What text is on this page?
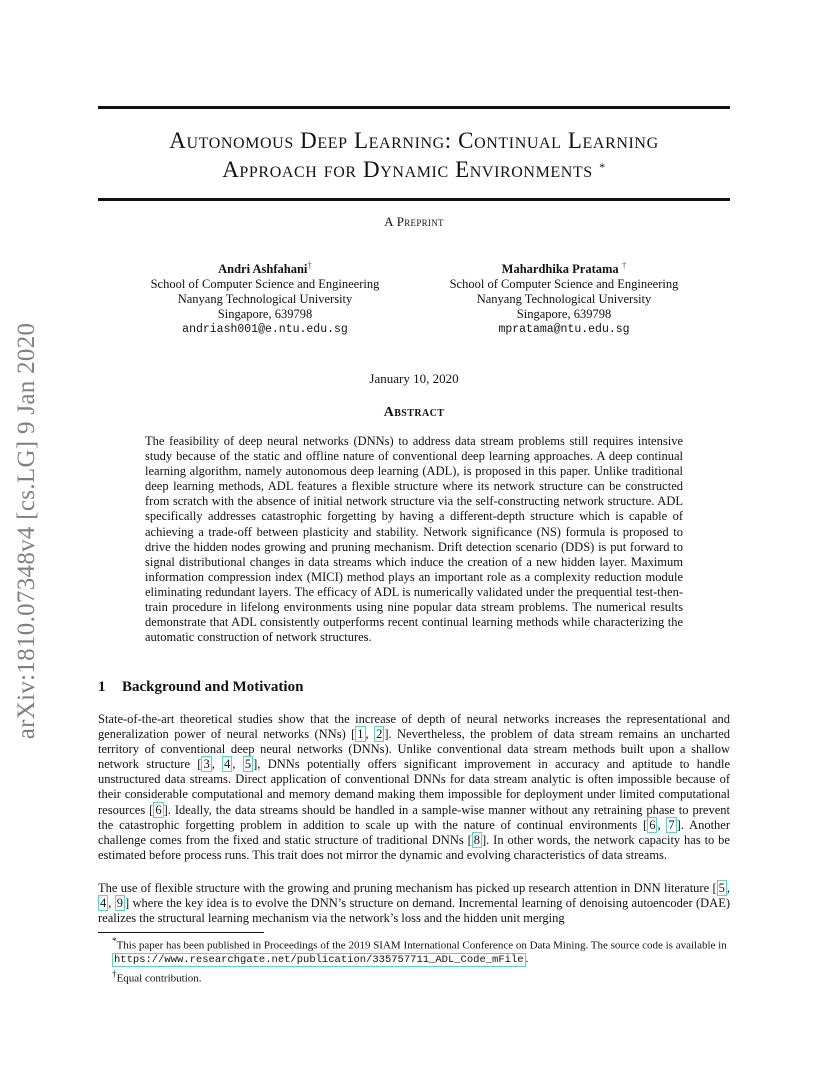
arXiv:1810.07348v4 [cs.LG] 9 Jan 2020
Autonomous Deep Learning: Continual Learning
Approach for Dynamic Environments *
A Preprint
Andri Ashfahani†
School of Computer Science and Engineering
Nanyang Technological University
Singapore, 639798
andriash001@e.ntu.edu.sg
Mahardhika Pratama †
School of Computer Science and Engineering
Nanyang Technological University
Singapore, 639798
mpratama@ntu.edu.sg
January 10, 2020
Abstract

The feasibility of deep neural networks (DNNs) to address data stream problems still requires intensive study because of the static and offline nature of conventional deep learning approaches. A deep continual learning algorithm, namely autonomous deep learning (ADL), is proposed in this paper. Unlike traditional deep learning methods, ADL features a flexible structure where its network structure can be constructed from scratch with the absence of initial network structure via the self-constructing network structure. ADL specifically addresses catastrophic forgetting by having a different-depth structure which is capable of achieving a trade-off between plasticity and stability. Network significance (NS) formula is proposed to drive the hidden nodes growing and pruning mechanism. Drift detection scenario (DDS) is put forward to signal distributional changes in data streams which induce the creation of a new hidden layer. Maximum information compression index (MICI) method plays an important role as a complexity reduction module eliminating redundant layers. The efficacy of ADL is numerically validated under the prequential test-then-train procedure in lifelong environments using nine popular data stream problems. The numerical results demonstrate that ADL consistently outperforms recent continual learning methods while characterizing the automatic construction of network structures.

1 Background and Motivation

State-of-the-art theoretical studies show that the increase of depth of neural networks increases the representational and generalization power of neural networks (NNs) [ 1 , 2 ]. Nevertheless, the problem of data stream remains an uncharted territory of conventional deep neural networks (DNNs). Unlike conventional data stream methods built upon a shallow network structure [ 3 , 4 , 5 ], DNNs potentially offers significant improvement in accuracy and aptitude to handle unstructured data streams. Direct application of conventional DNNs for data stream analytic is often impossible because of their considerable computational and memory demand making them impossible for deployment under limited computational resources [ 6 ]. Ideally, the data streams should be handled in a sample-wise manner without any retraining phase to prevent the catastrophic forgetting problem in addition to scale up with the nature of continual environments [ 6 , 7 ]. Another challenge comes from the fixed and static structure of traditional DNNs [ 8 ]. In other words, the network capacity has to be estimated before process runs. This trait does not mirror the dynamic and evolving characteristics of data streams.

The use of flexible structure with the growing and pruning mechanism has picked up research attention in DNN literature [ 5 , 4 , 9 ] where the key idea is to evolve the DNN’s structure on demand. Incremental learning of denoising autoencoder (DAE) realizes the structural learning mechanism via the network’s loss and the hidden unit merging

*This paper has been published in Proceedings of the 2019 SIAM International Conference on Data Mining. The source code is available in https://www.researchgate.net/publication/335757711_ADL_Code_mFile .

†Equal contribution.
